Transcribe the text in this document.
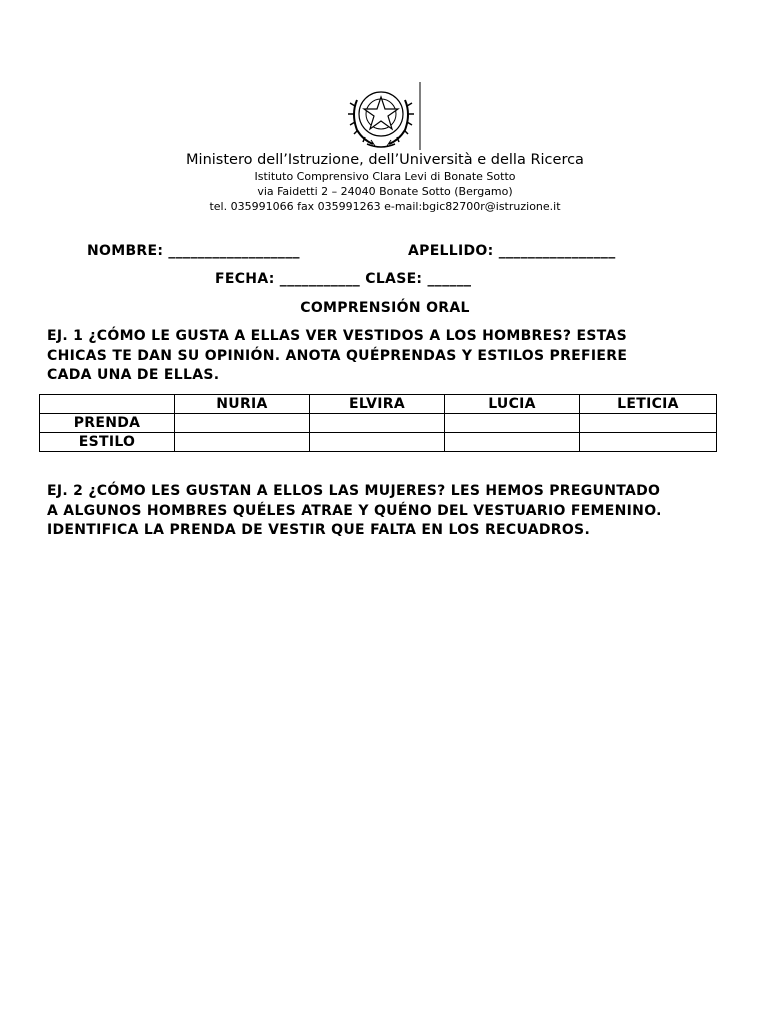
Ministero dell’Istruzione, dell’Università e della Ricerca
Istituto Comprensivo Clara Levi di Bonate Sotto
via Faidetti 2 – 24040 Bonate Sotto (Bergamo)
tel. 035991066 fax 035991263 e-mail:bgic82700r@istruzione.it
NOMBRE: __________________	APELLIDO: ________________
FECHA: ___________ CLASE: ______
COMPRENSIÓN ORAL
EJ. 1 ¿CÓMO LE GUSTA A ELLAS VER VESTIDOS A LOS HOMBRES? ESTAS
CHICAS TE DAN SU OPINIÓN. ANOTA QUÉPRENDAS Y ESTILOS PREFIERE
CADA UNA DE ELLAS.
	NURIA	ELVIRA	LUCIA	LETICIA
PRENDA				
ESTILO				
EJ. 2 ¿CÓMO LES GUSTAN A ELLOS LAS MUJERES? LES HEMOS PREGUNTADO
A ALGUNOS HOMBRES QUÉLES ATRAE Y QUÉNO DEL VESTUARIO FEMENINO.
IDENTIFICA LA PRENDA DE VESTIR QUE FALTA EN LOS RECUADROS.
